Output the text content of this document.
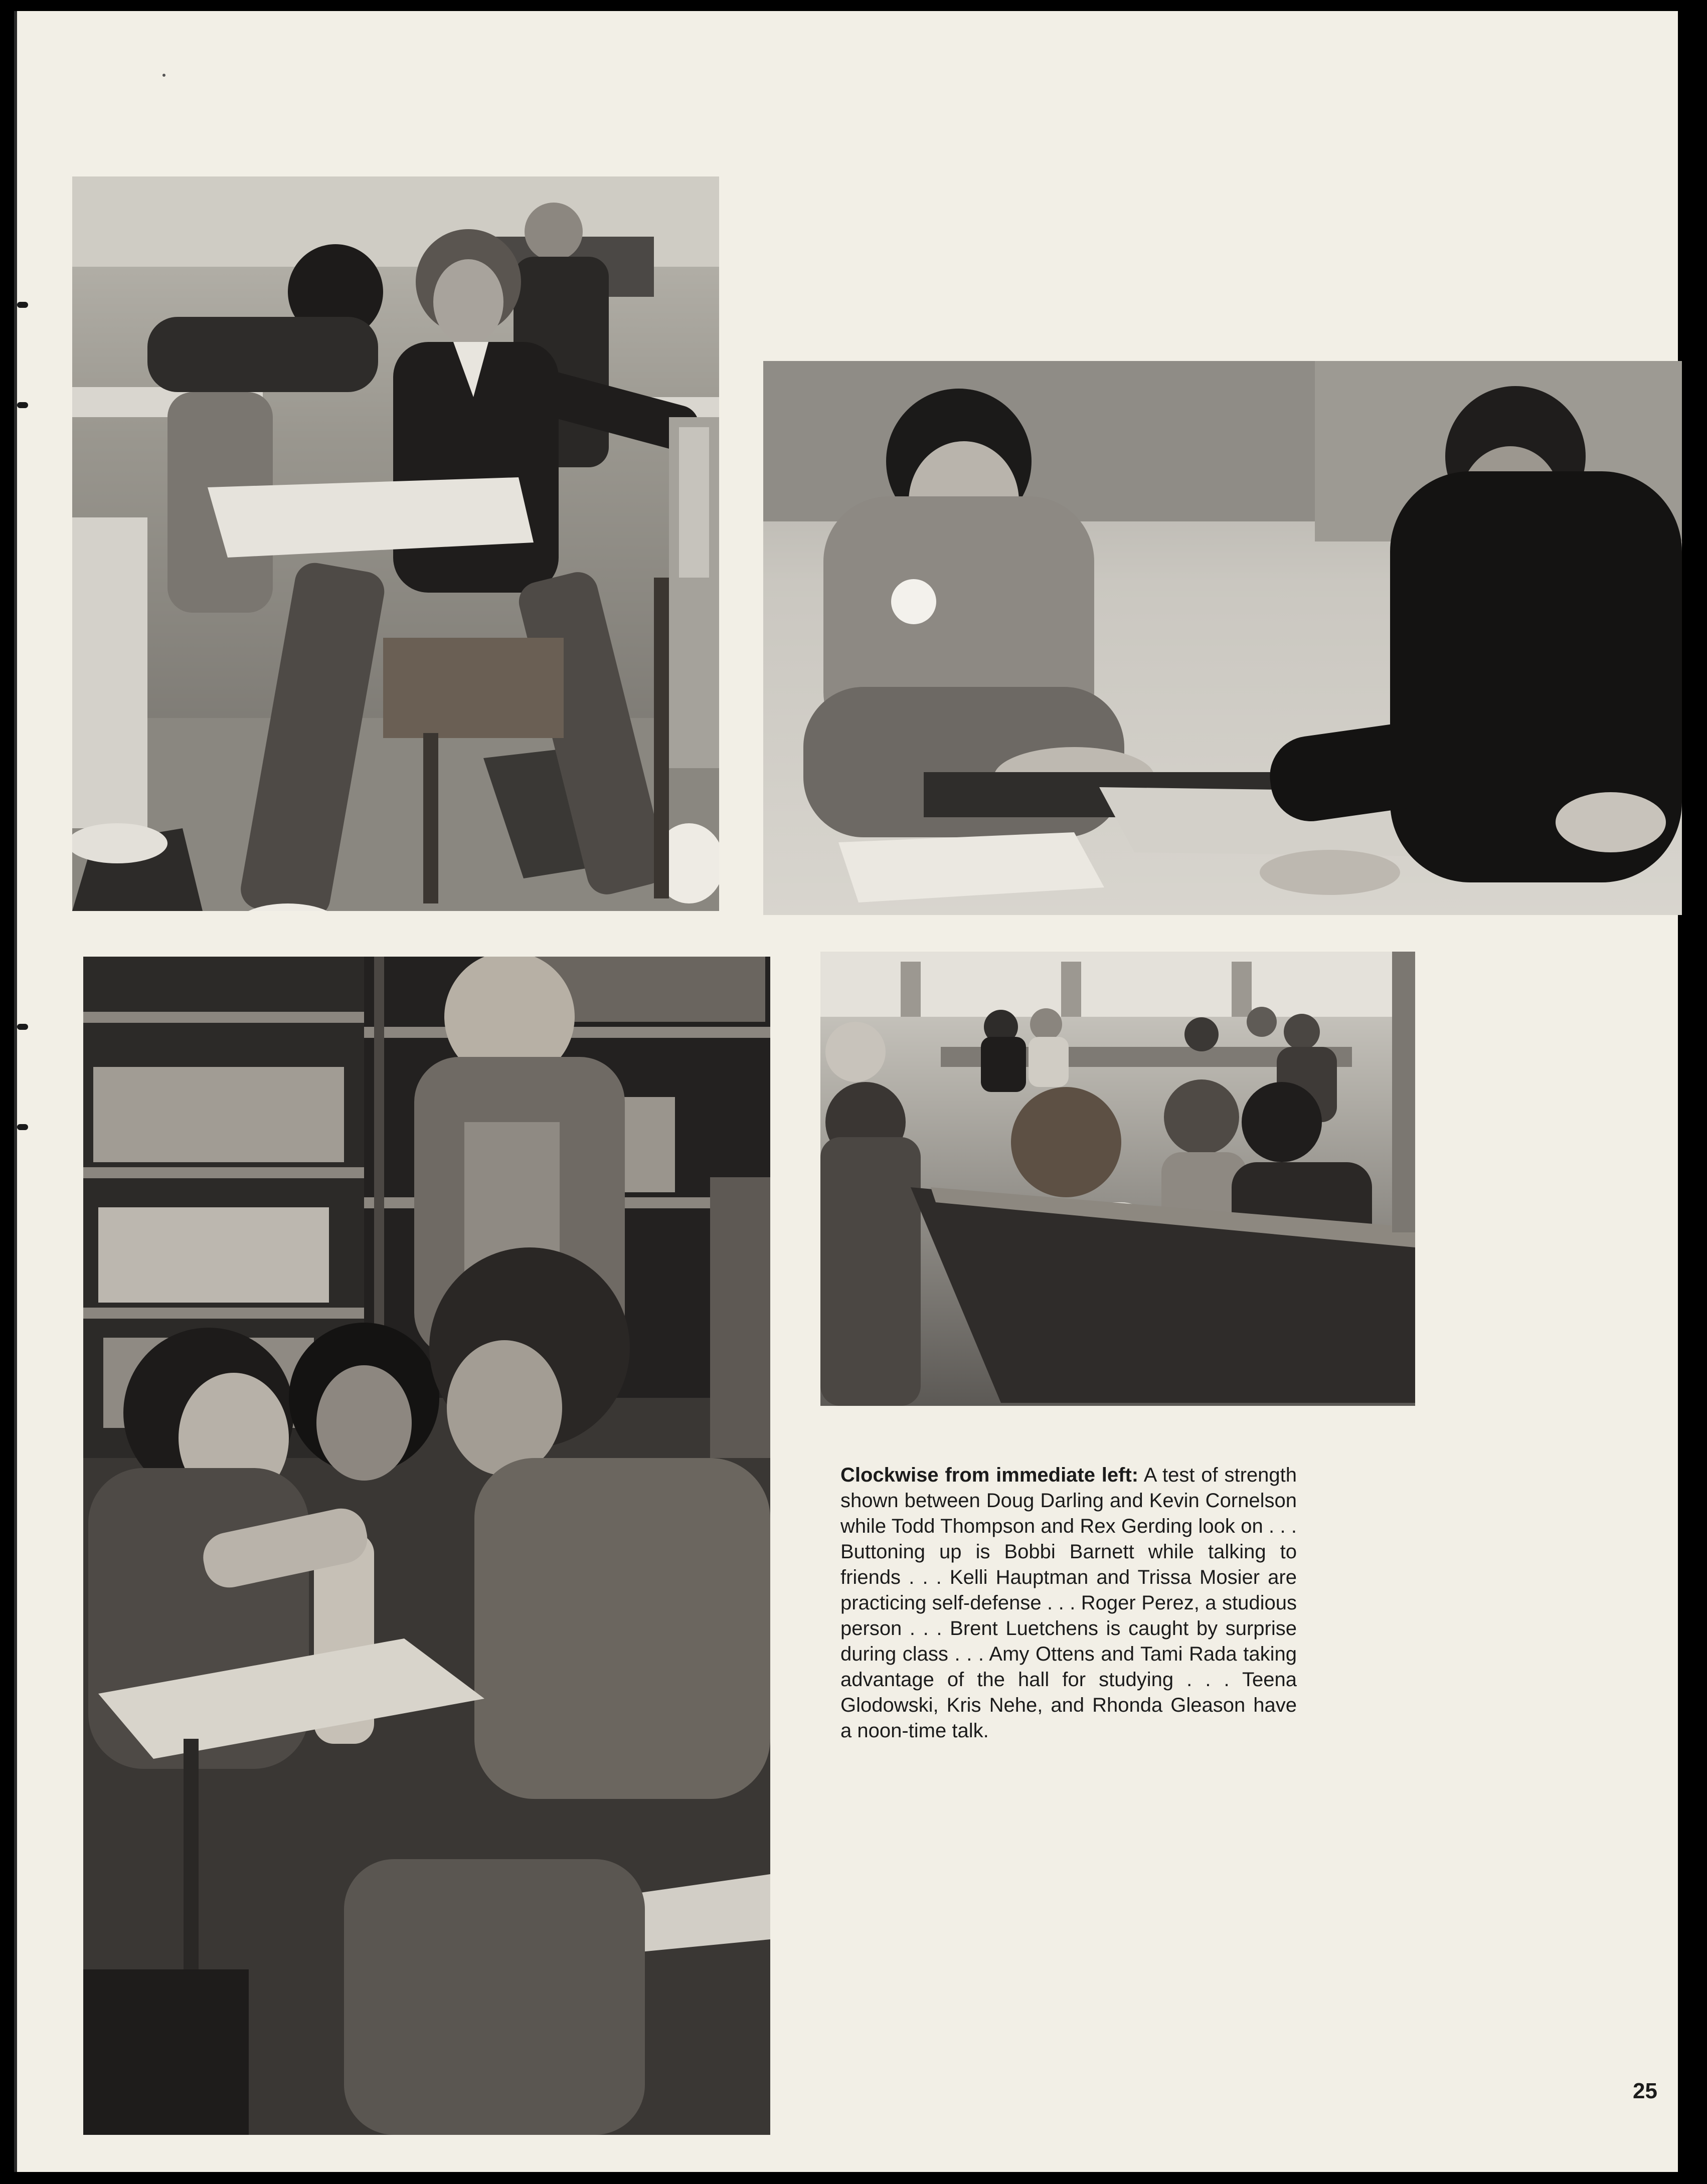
Clockwise from immediate left: A test of strength shown between Doug Darling and Kevin Cornelson while Todd Thompson and Rex Gerding look on . . . Buttoning up is Bobbi Barnett while talking to friends . . . Kelli Hauptman and Trissa Mosier are practicing self-defense . . . Roger Perez, a studious person . . . Brent Luetchens is caught by surprise during class . . . Amy Ottens and Tami Rada taking advantage of the hall for studying . . . Teena Glodowski, Kris Nehe, and Rhonda Gleason have a noon-time talk.
25
